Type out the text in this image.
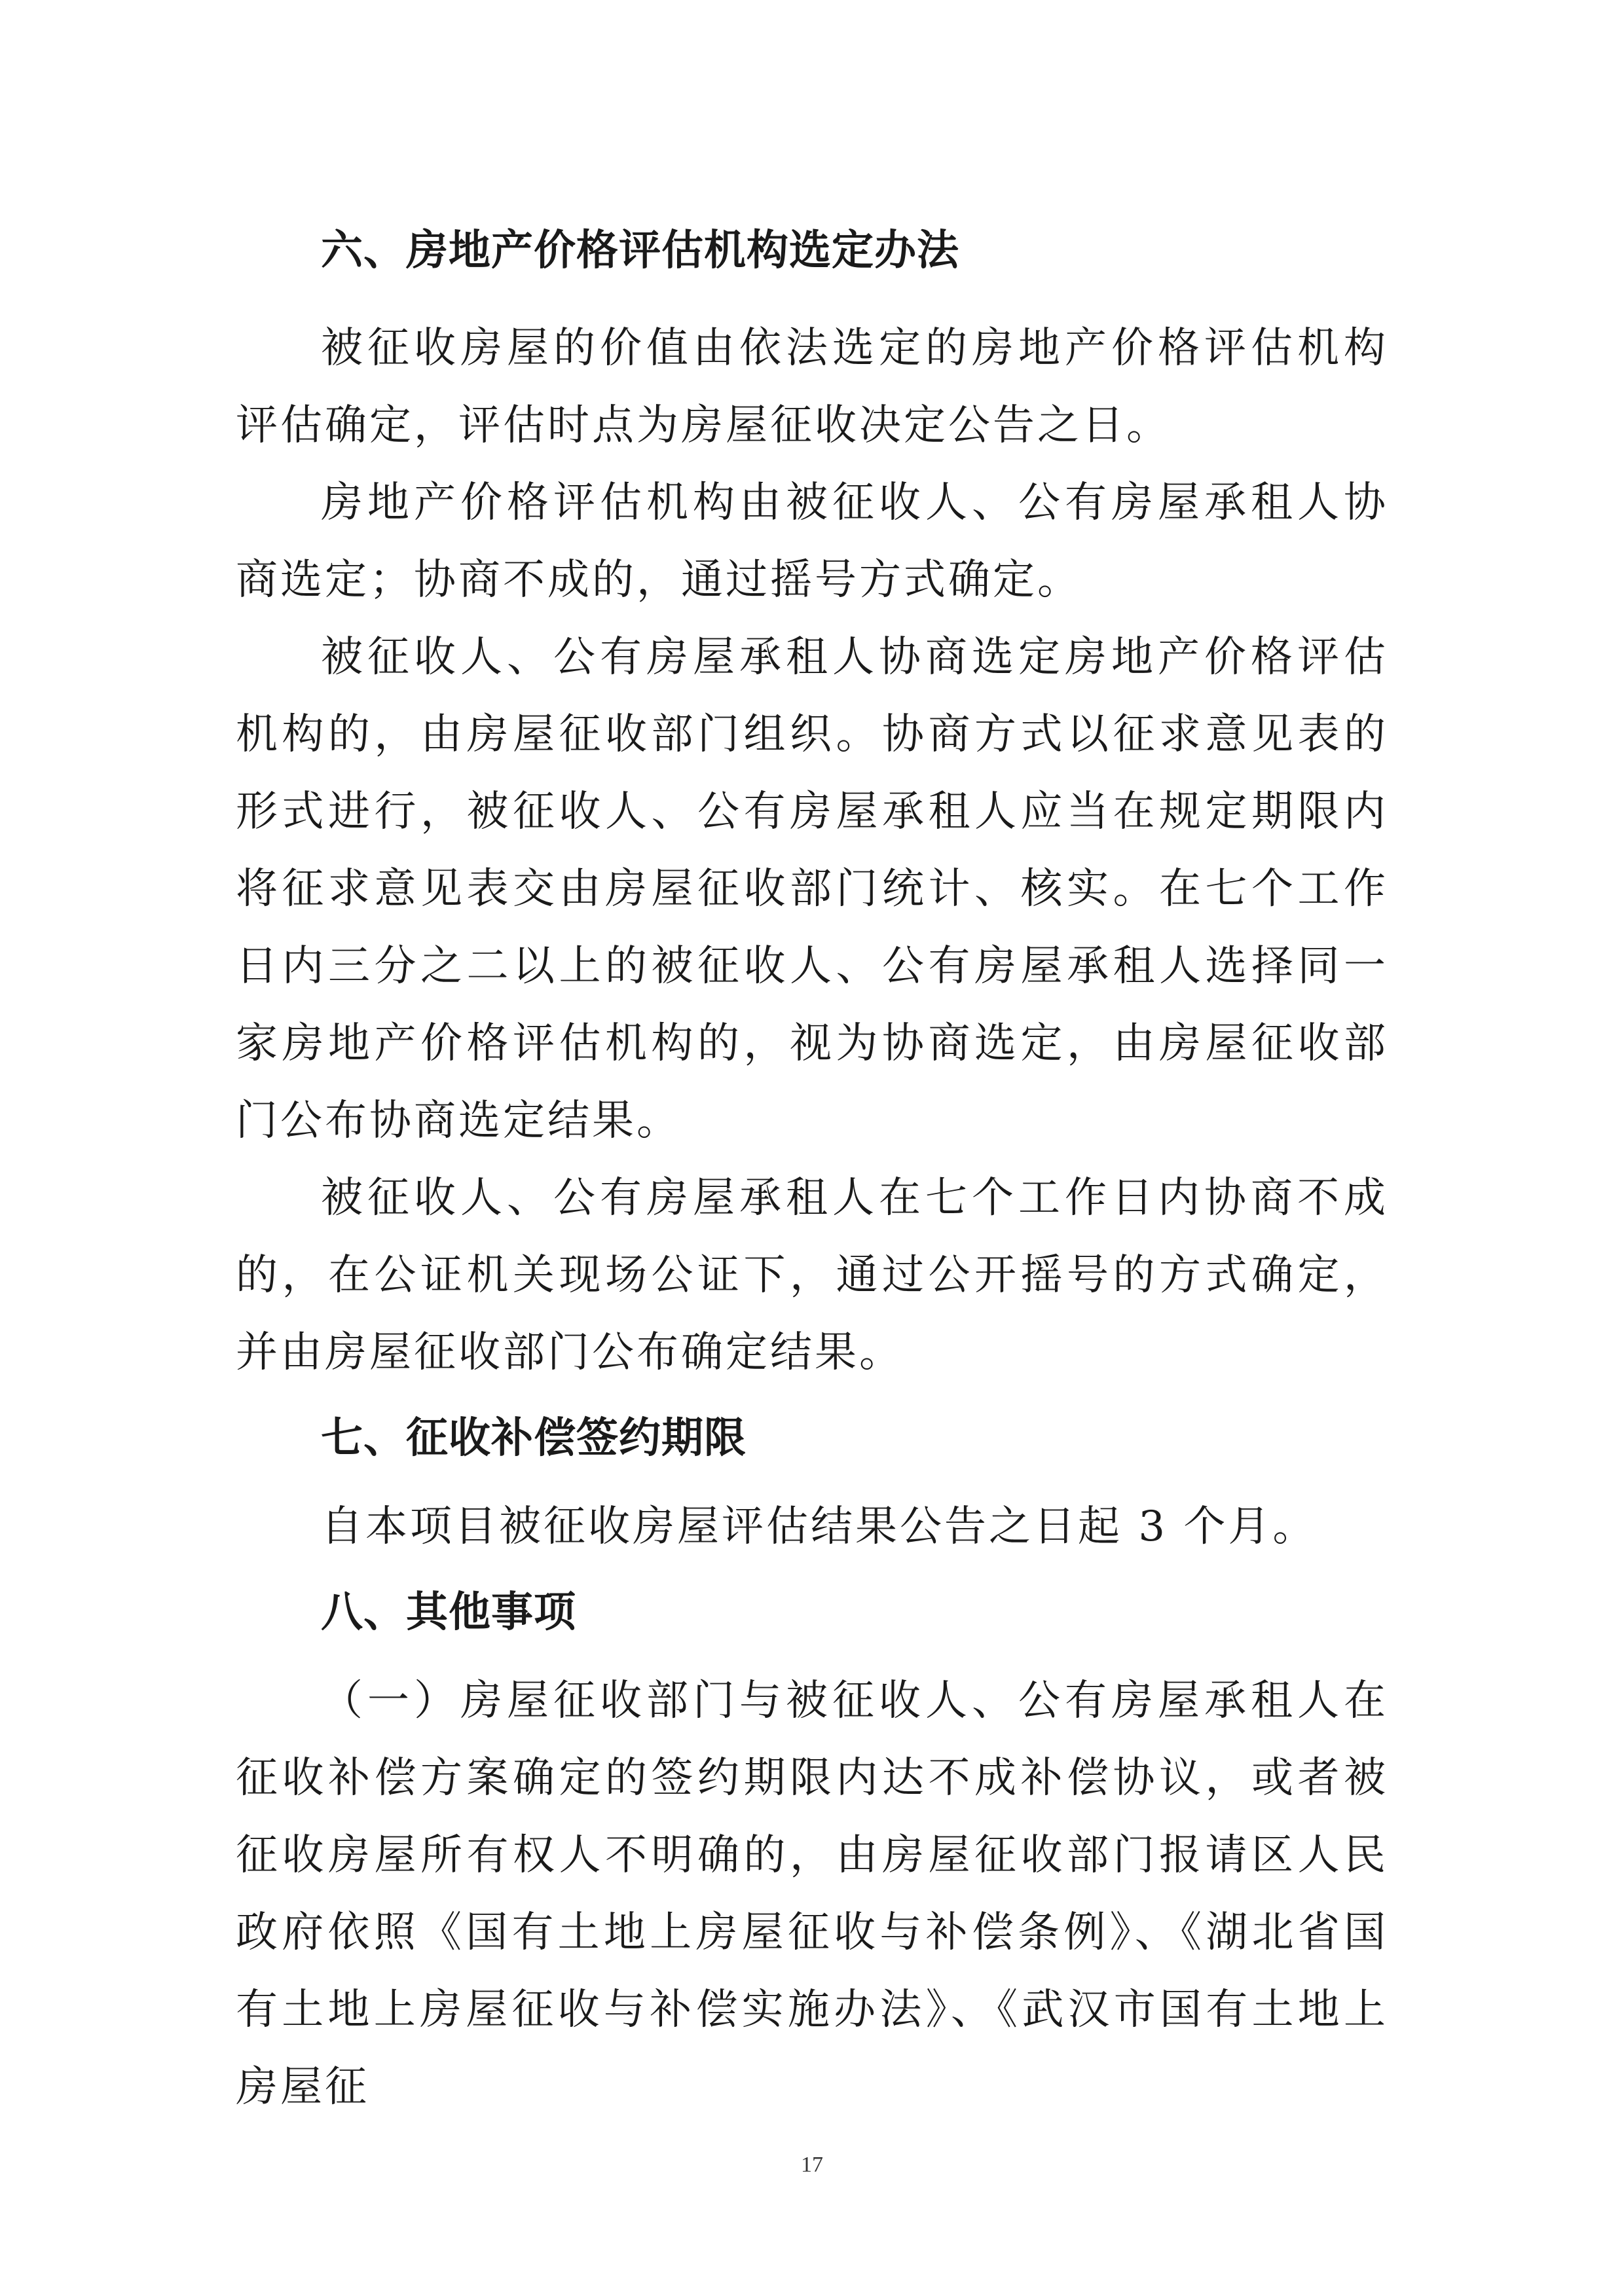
六、房地产价格评估机构选定办法

被征收房屋的价值由依法选定的房地产价格评估机构评估确定，评估时点为房屋征收决定公告之日。

房地产价格评估机构由被征收人、公有房屋承租人协商选定；协商不成的，通过摇号方式确定。

被征收人、公有房屋承租人协商选定房地产价格评估机构的，由房屋征收部门组织。协商方式以征求意见表的形式进行，被征收人、公有房屋承租人应当在规定期限内将征求意见表交由房屋征收部门统计、核实。在七个工作日内三分之二以上的被征收人、公有房屋承租人选择同一家房地产价格评估机构的，视为协商选定，由房屋征收部门公布协商选定结果。

被征收人、公有房屋承租人在七个工作日内协商不成的，在公证机关现场公证下，通过公开摇号的方式确定，并由房屋征收部门公布确定结果。

七、征收补偿签约期限

自本项目被征收房屋评估结果公告之日起 3 个月。

八、其他事项

（一）房屋征收部门与被征收人、公有房屋承租人在征收补偿方案确定的签约期限内达不成补偿协议，或者被征收房屋所有权人不明确的，由房屋征收部门报请区人民政府依照《国有土地上房屋征收与补偿条例》、《湖北省国有土地上房屋征收与补偿实施办法》、《武汉市国有土地上房屋征

17
